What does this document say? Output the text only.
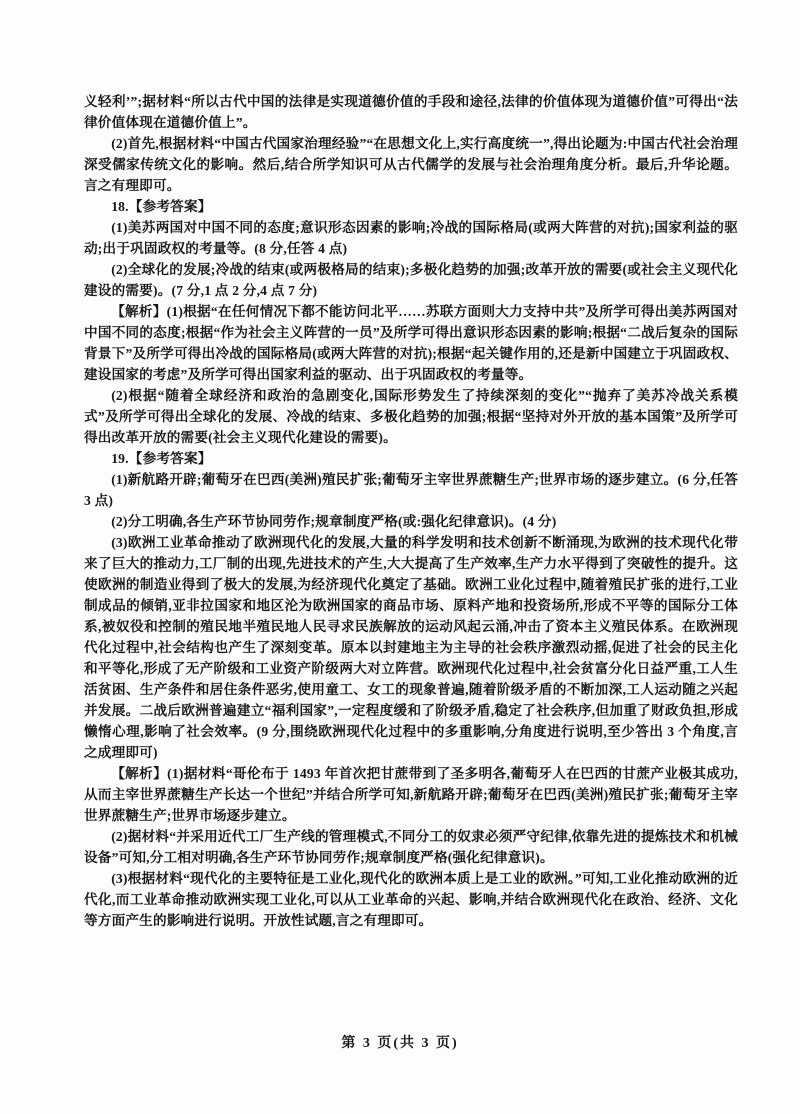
义轻利’”;据材料“所以古代中国的法律是实现道德价值的手段和途径,法律的价值体现为道德价值”可得出“法律价值体现在道德价值上”。

(2)首先,根据材料“中国古代国家治理经验”“在思想文化上,实行高度统一”,得出论题为:中国古代社会治理深受儒家传统文化的影响。然后,结合所学知识可从古代儒学的发展与社会治理角度分析。最后,升华论题。言之有理即可。

18.【参考答案】

(1)美苏两国对中国不同的态度;意识形态因素的影响;冷战的国际格局(或两大阵营的对抗);国家利益的驱动;出于巩固政权的考量等。(8 分,任答 4 点)

(2)全球化的发展;冷战的结束(或两极格局的结束);多极化趋势的加强;改革开放的需要(或社会主义现代化建设的需要)。(7 分,1 点 2 分,4 点 7 分)

【解析】(1)根据“在任何情况下都不能访问北平……苏联方面则大力支持中共”及所学可得出美苏两国对中国不同的态度;根据“作为社会主义阵营的一员”及所学可得出意识形态因素的影响;根据“二战后复杂的国际背景下”及所学可得出冷战的国际格局(或两大阵营的对抗);根据“起关键作用的,还是新中国建立于巩固政权、建设国家的考虑”及所学可得出国家利益的驱动、出于巩固政权的考量等。

(2)根据“随着全球经济和政治的急剧变化,国际形势发生了持续深刻的变化”“抛弃了美苏冷战关系模式”及所学可得出全球化的发展、冷战的结束、多极化趋势的加强;根据“坚持对外开放的基本国策”及所学可得出改革开放的需要(社会主义现代化建设的需要)。

19.【参考答案】

(1)新航路开辟;葡萄牙在巴西(美洲)殖民扩张;葡萄牙主宰世界蔗糖生产;世界市场的逐步建立。(6 分,任答 3 点)

(2)分工明确,各生产环节协同劳作;规章制度严格(或:强化纪律意识)。(4 分)

(3)欧洲工业革命推动了欧洲现代化的发展,大量的科学发明和技术创新不断涌现,为欧洲的技术现代化带来了巨大的推动力,工厂制的出现,先进技术的产生,大大提高了生产效率,生产力水平得到了突破性的提升。这使欧洲的制造业得到了极大的发展,为经济现代化奠定了基础。欧洲工业化过程中,随着殖民扩张的进行,工业制成品的倾销,亚非拉国家和地区沦为欧洲国家的商品市场、原料产地和投资场所,形成不平等的国际分工体系,被奴役和控制的殖民地半殖民地人民寻求民族解放的运动风起云涌,冲击了资本主义殖民体系。在欧洲现代化过程中,社会结构也产生了深刻变革。原本以封建地主为主导的社会秩序激烈动摇,促进了社会的民主化和平等化,形成了无产阶级和工业资产阶级两大对立阵营。欧洲现代化过程中,社会贫富分化日益严重,工人生活贫困、生产条件和居住条件恶劣,使用童工、女工的现象普遍,随着阶级矛盾的不断加深,工人运动随之兴起并发展。二战后欧洲普遍建立“福利国家”,一定程度缓和了阶级矛盾,稳定了社会秩序,但加重了财政负担,形成懒惰心理,影响了社会效率。(9 分,围绕欧洲现代化过程中的多重影响,分角度进行说明,至少答出 3 个角度,言之成理即可)

【解析】(1)据材料“哥伦布于 1493 年首次把甘蔗带到了圣多明各,葡萄牙人在巴西的甘蔗产业极其成功,从而主宰世界蔗糖生产长达一个世纪”并结合所学可知,新航路开辟;葡萄牙在巴西(美洲)殖民扩张;葡萄牙主宰世界蔗糖生产;世界市场逐步建立。

(2)据材料“并采用近代工厂生产线的管理模式,不同分工的奴隶必须严守纪律,依靠先进的提炼技术和机械设备”可知,分工相对明确,各生产环节协同劳作;规章制度严格(强化纪律意识)。

(3)根据材料“现代化的主要特征是工业化,现代化的欧洲本质上是工业的欧洲。”可知,工业化推动欧洲的近代化,而工业革命推动欧洲实现工业化,可以从工业革命的兴起、影响,并结合欧洲现代化在政治、经济、文化等方面产生的影响进行说明。开放性试题,言之有理即可。

第 3 页(共 3 页)
